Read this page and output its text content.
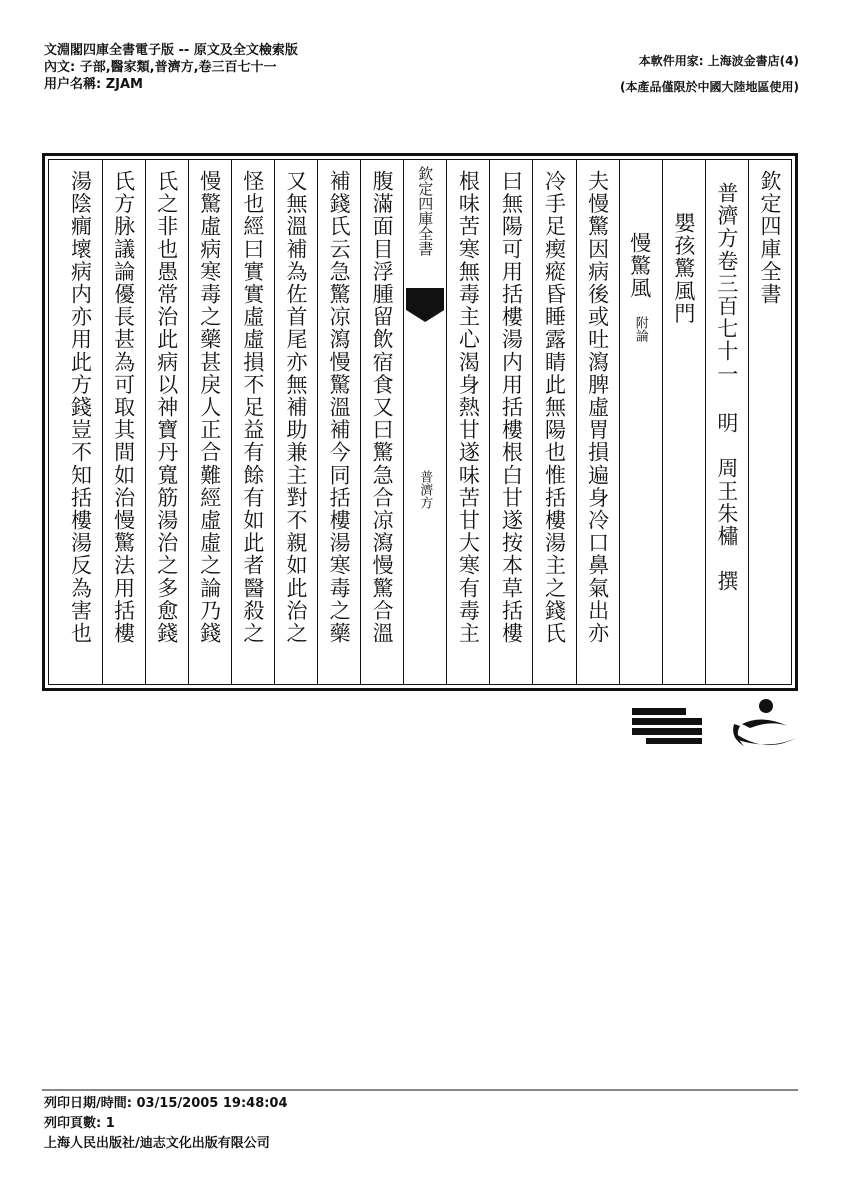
文淵閣四庫全書電子版 -- 原文及全文檢索版
內文: 子部,醫家類,普濟方,卷三百七十一
用户名稱: ZJAM
本軟件用家: 上海波金書店(4)
(本產品僅限於中國大陸地區使用)
欽定四庫全書
普濟方卷三百七十一 明　周王朱橚　撰
嬰孩驚風門
慢驚風 附論
夫慢驚因病後或吐瀉脾虛胃損遍身冷口鼻氣出亦
冷手足瘈瘲昏睡露睛此無陽也惟括樓湯主之錢氏
曰無陽可用括樓湯内用括樓根白甘遂按本草括樓
根味苦寒無毒主心渴身熱甘遂味苦甘大寒有毒主
欽定四庫全書
普濟方
腹滿面目浮腫留飲宿食又曰驚急合凉瀉慢驚合溫
補錢氏云急驚凉瀉慢驚溫補今同括樓湯寒毒之藥
又無溫補為佐首尾亦無補助兼主對不親如此治之
怪也經曰實實虛虛損不足益有餘有如此者醫殺之
慢驚虛病寒毒之藥甚戾人正合難經虛虛之論乃錢
氏之非也愚常治此病以神寶丹寬筋湯治之多愈錢
氏方脉議論優長甚為可取其間如治慢驚法用括樓
湯陰癇壞病内亦用此方錢豈不知括樓湯反為害也
列印日期/時間: 03/15/2005 19:48:04
列印頁數: 1
上海人民出版社/迪志文化出版有限公司
